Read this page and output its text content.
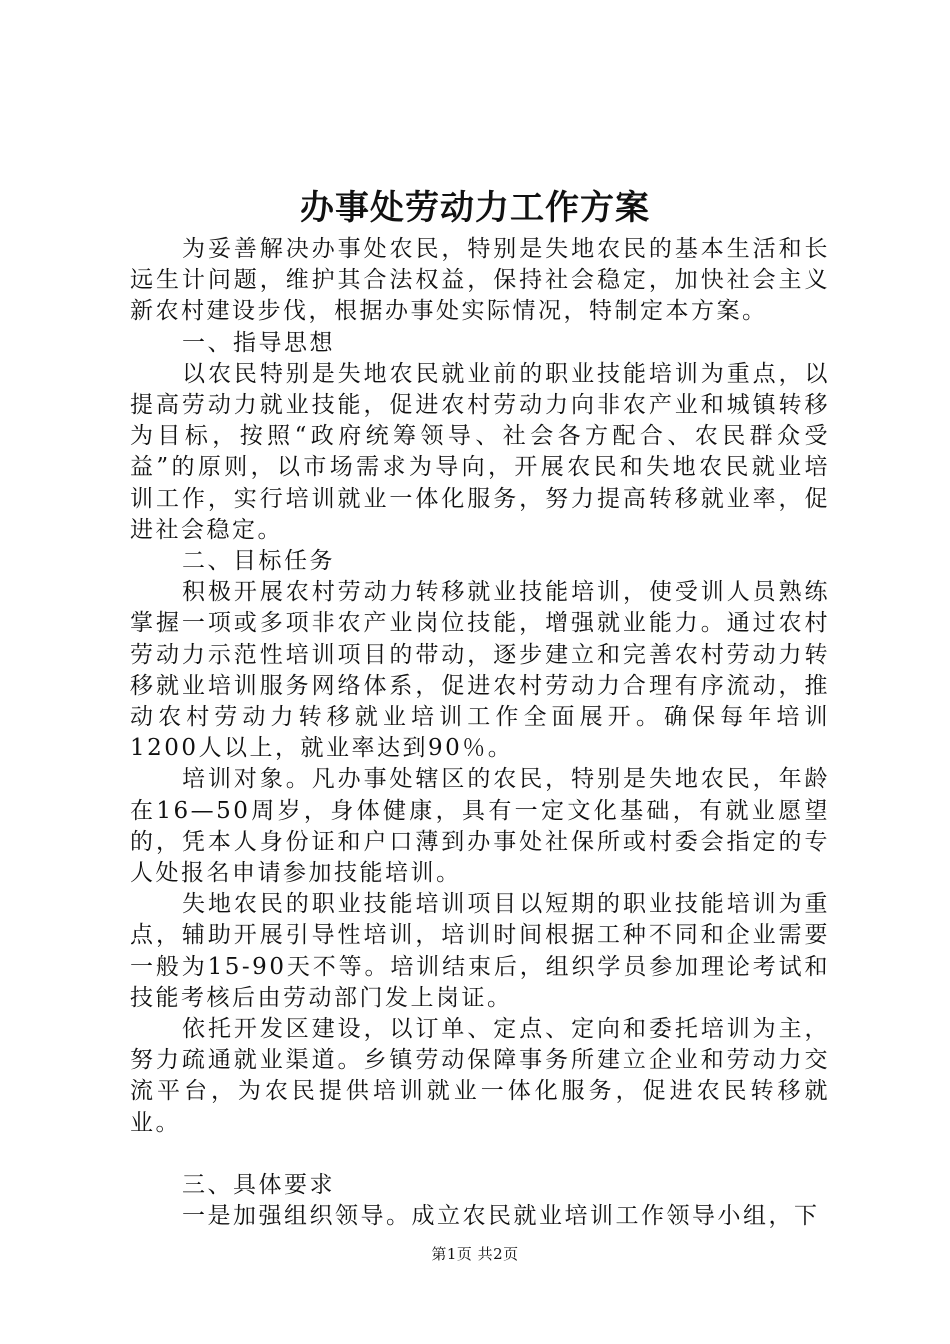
办事处劳动力工作方案

为妥善解决办事处农民，特别是失地农民的基本生活和长远生计问题，维护其合法权益，保持社会稳定，加快社会主义新农村建设步伐，根据办事处实际情况，特制定本方案。

一、指导思想

以农民特别是失地农民就业前的职业技能培训为重点，以提高劳动力就业技能，促进农村劳动力向非农产业和城镇转移为目标，按照“政府统筹领导、社会各方配合、农民群众受益”的原则，以市场需求为导向，开展农民和失地农民就业培训工作，实行培训就业一体化服务，努力提高转移就业率，促进社会稳定。

二、目标任务

积极开展农村劳动力转移就业技能培训，使受训人员熟练掌握一项或多项非农产业岗位技能，增强就业能力。通过农村劳动力示范性培训项目的带动，逐步建立和完善农村劳动力转移就业培训服务网络体系，促进农村劳动力合理有序流动，推动农村劳动力转移就业培训工作全面展开。确保每年培训1200人以上，就业率达到90％。

培训对象。凡办事处辖区的农民，特别是失地农民，年龄在16—50周岁，身体健康，具有一定文化基础，有就业愿望的，凭本人身份证和户口薄到办事处社保所或村委会指定的专人处报名申请参加技能培训。

失地农民的职业技能培训项目以短期的职业技能培训为重点，辅助开展引导性培训，培训时间根据工种不同和企业需要一般为15-90天不等。培训结束后，组织学员参加理论考试和技能考核后由劳动部门发上岗证。

依托开发区建设，以订单、定点、定向和委托培训为主，努力疏通就业渠道。乡镇劳动保障事务所建立企业和劳动力交流平台，为农民提供培训就业一体化服务，促进农民转移就业。

三、具体要求

一是加强组织领导。成立农民就业培训工作领导小组，下

第1页 共2页
